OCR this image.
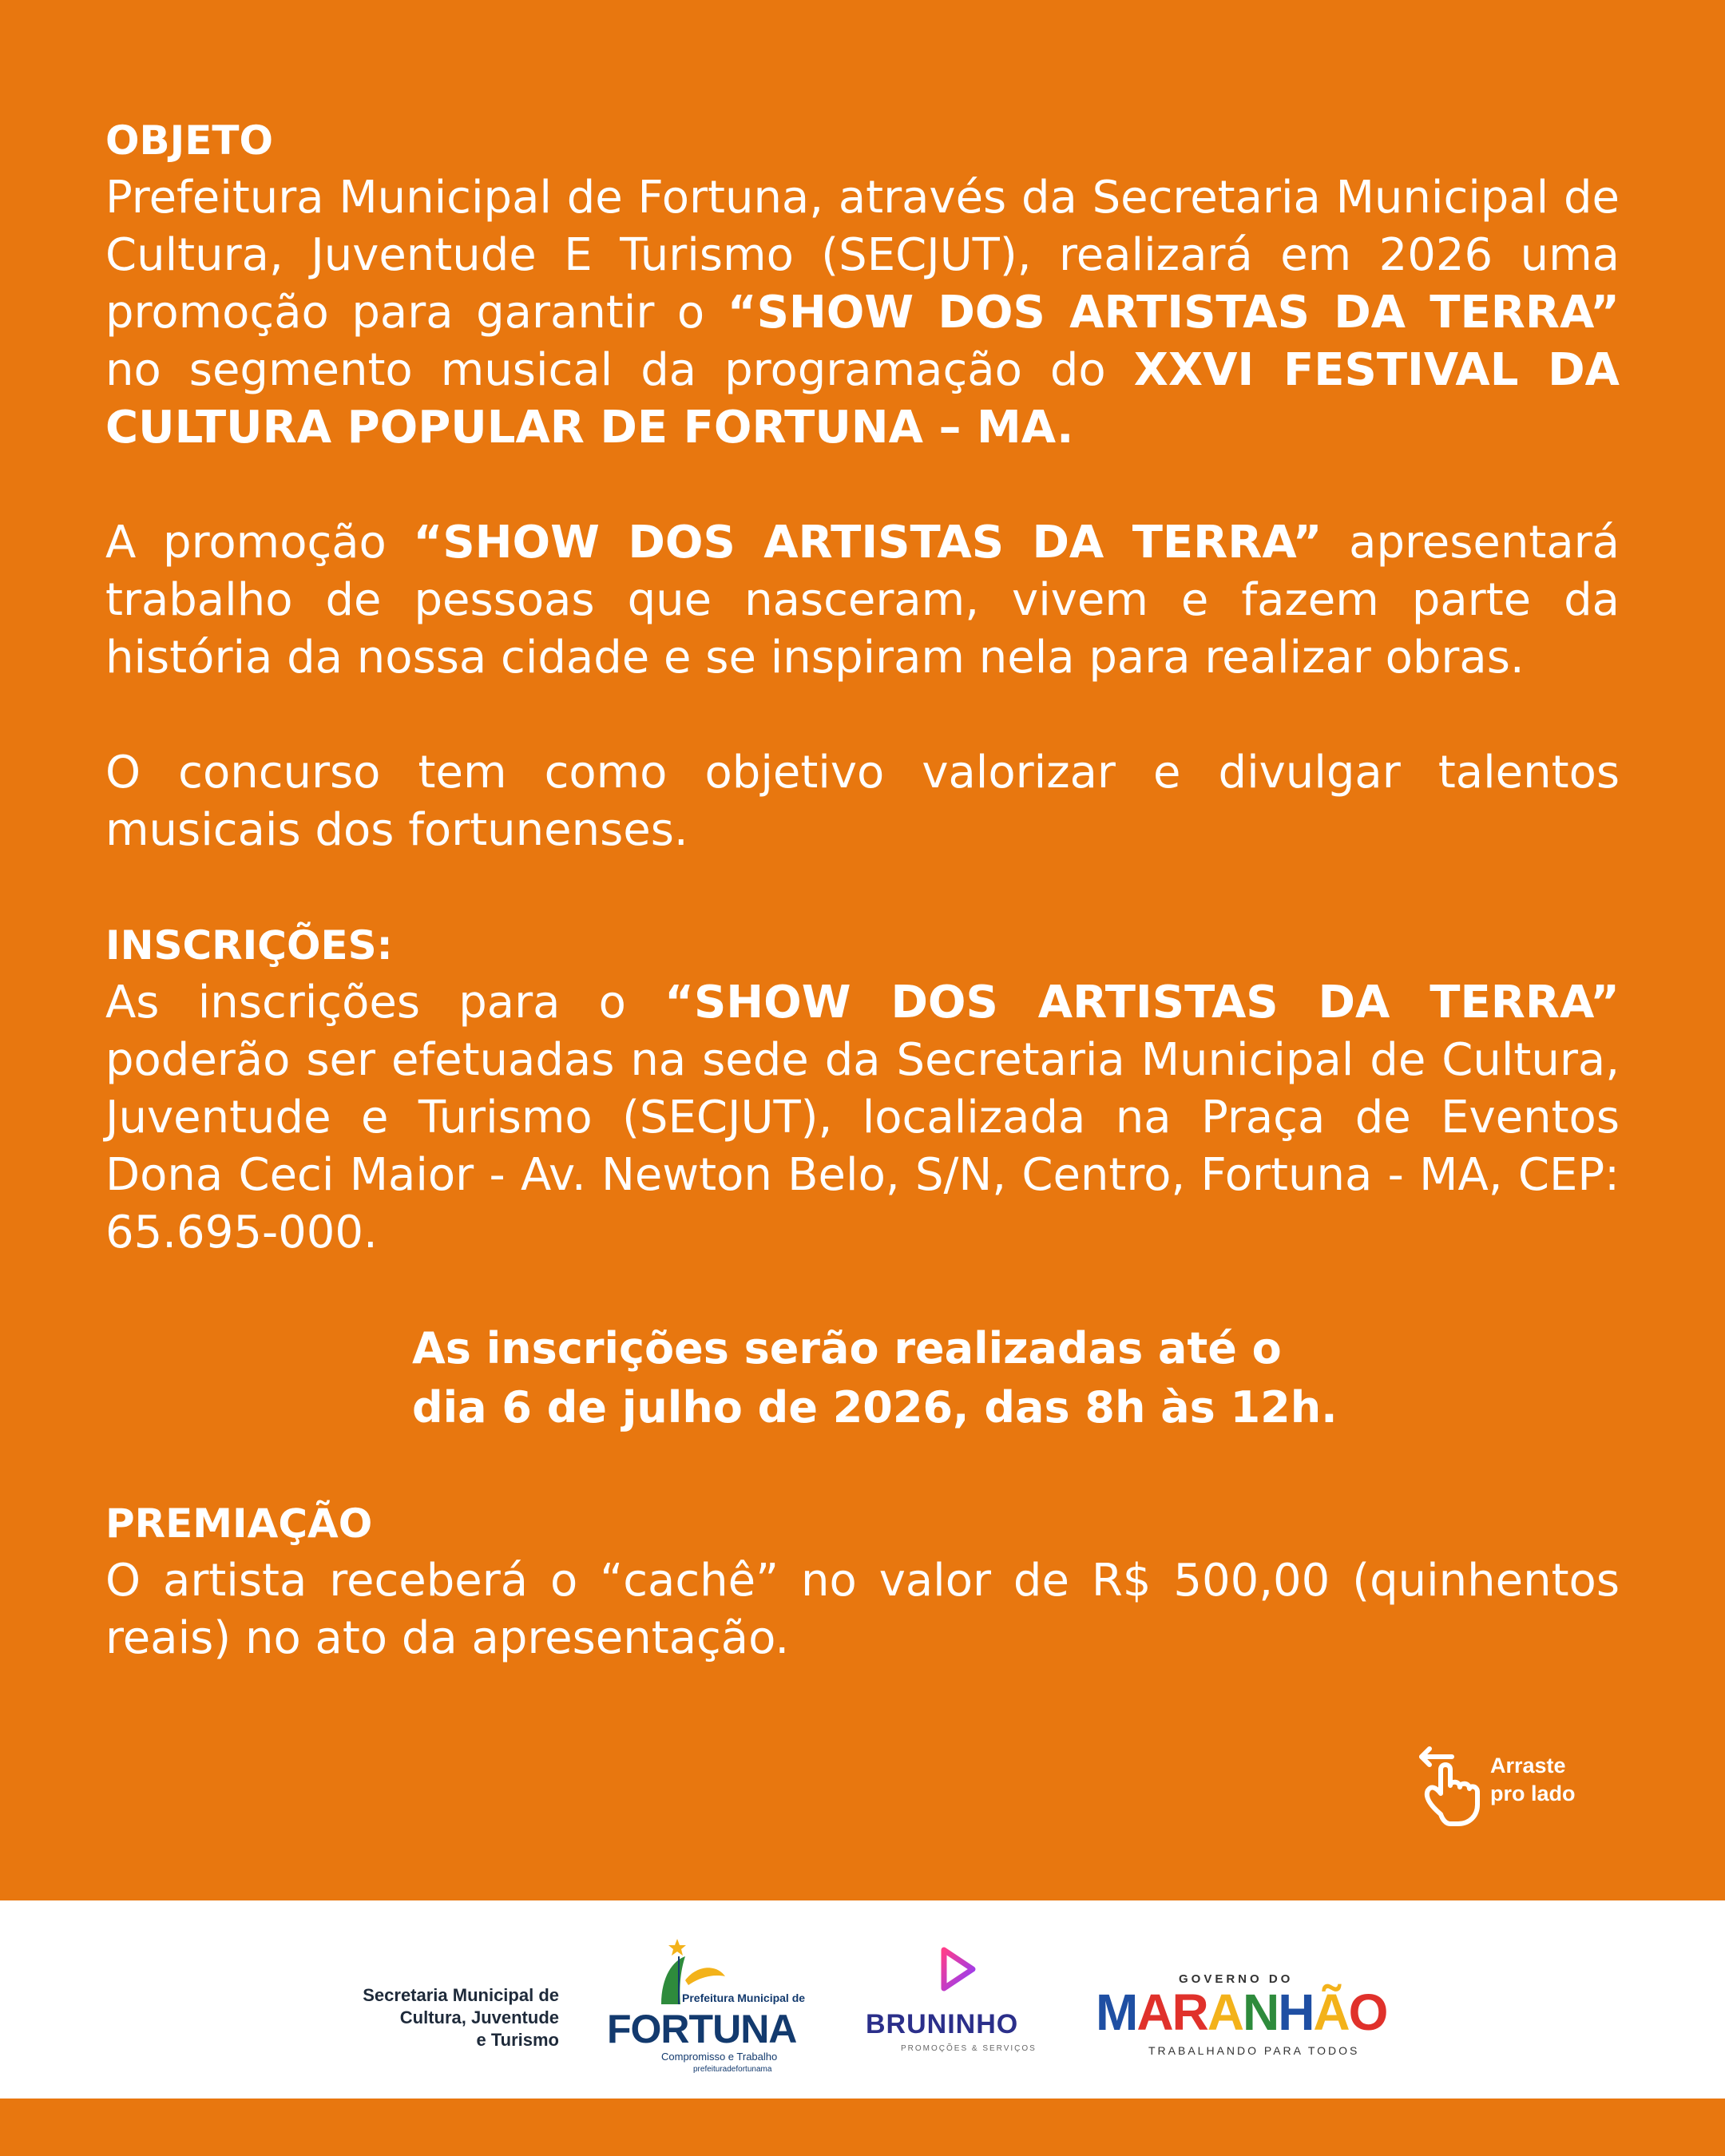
OBJETO

Prefeitura Municipal de Fortuna, através da Secretaria Municipal de Cultura, Juventude E Turismo (SECJUT), realizará em 2026 uma promoção para garantir o “SHOW DOS ARTISTAS DA TERRA” no segmento musical da programação do XXVI FESTIVAL DA CULTURA POPULAR DE FORTUNA – MA.

A promoção “SHOW DOS ARTISTAS DA TERRA” apresentará trabalho de pessoas que nasceram, vivem e fazem parte da história da nossa cidade e se inspiram nela para realizar obras.

O concurso tem como objetivo valorizar e divulgar talentos musicais dos fortunenses.

INSCRIÇÕES:

As inscrições para o “SHOW DOS ARTISTAS DA TERRA” poderão ser efetuadas na sede da Secretaria Municipal de Cultura, Juventude e Turismo (SECJUT), localizada na Praça de Eventos Dona Ceci Maior - Av. Newton Belo, S/N, Centro, Fortuna - MA, CEP: 65.695-000.

As inscrições serão realizadas até o
dia 6 de julho de 2026, das 8h às 12h.

PREMIAÇÃO

O artista receberá o “cachê” no valor de R$ 500,00 (quinhentos reais) no ato da apresentação.

Arraste
pro lado
Secretaria Municipal de
Cultura, Juventude
e Turismo
Prefeitura Municipal de
FORTUNA
Compromisso e Trabalho
prefeituradefortunama
BRUNINHO
PROMOÇÕES & SERVIÇOS
GOVERNO DO
MARANHÃO
TRABALHANDO PARA TODOS
